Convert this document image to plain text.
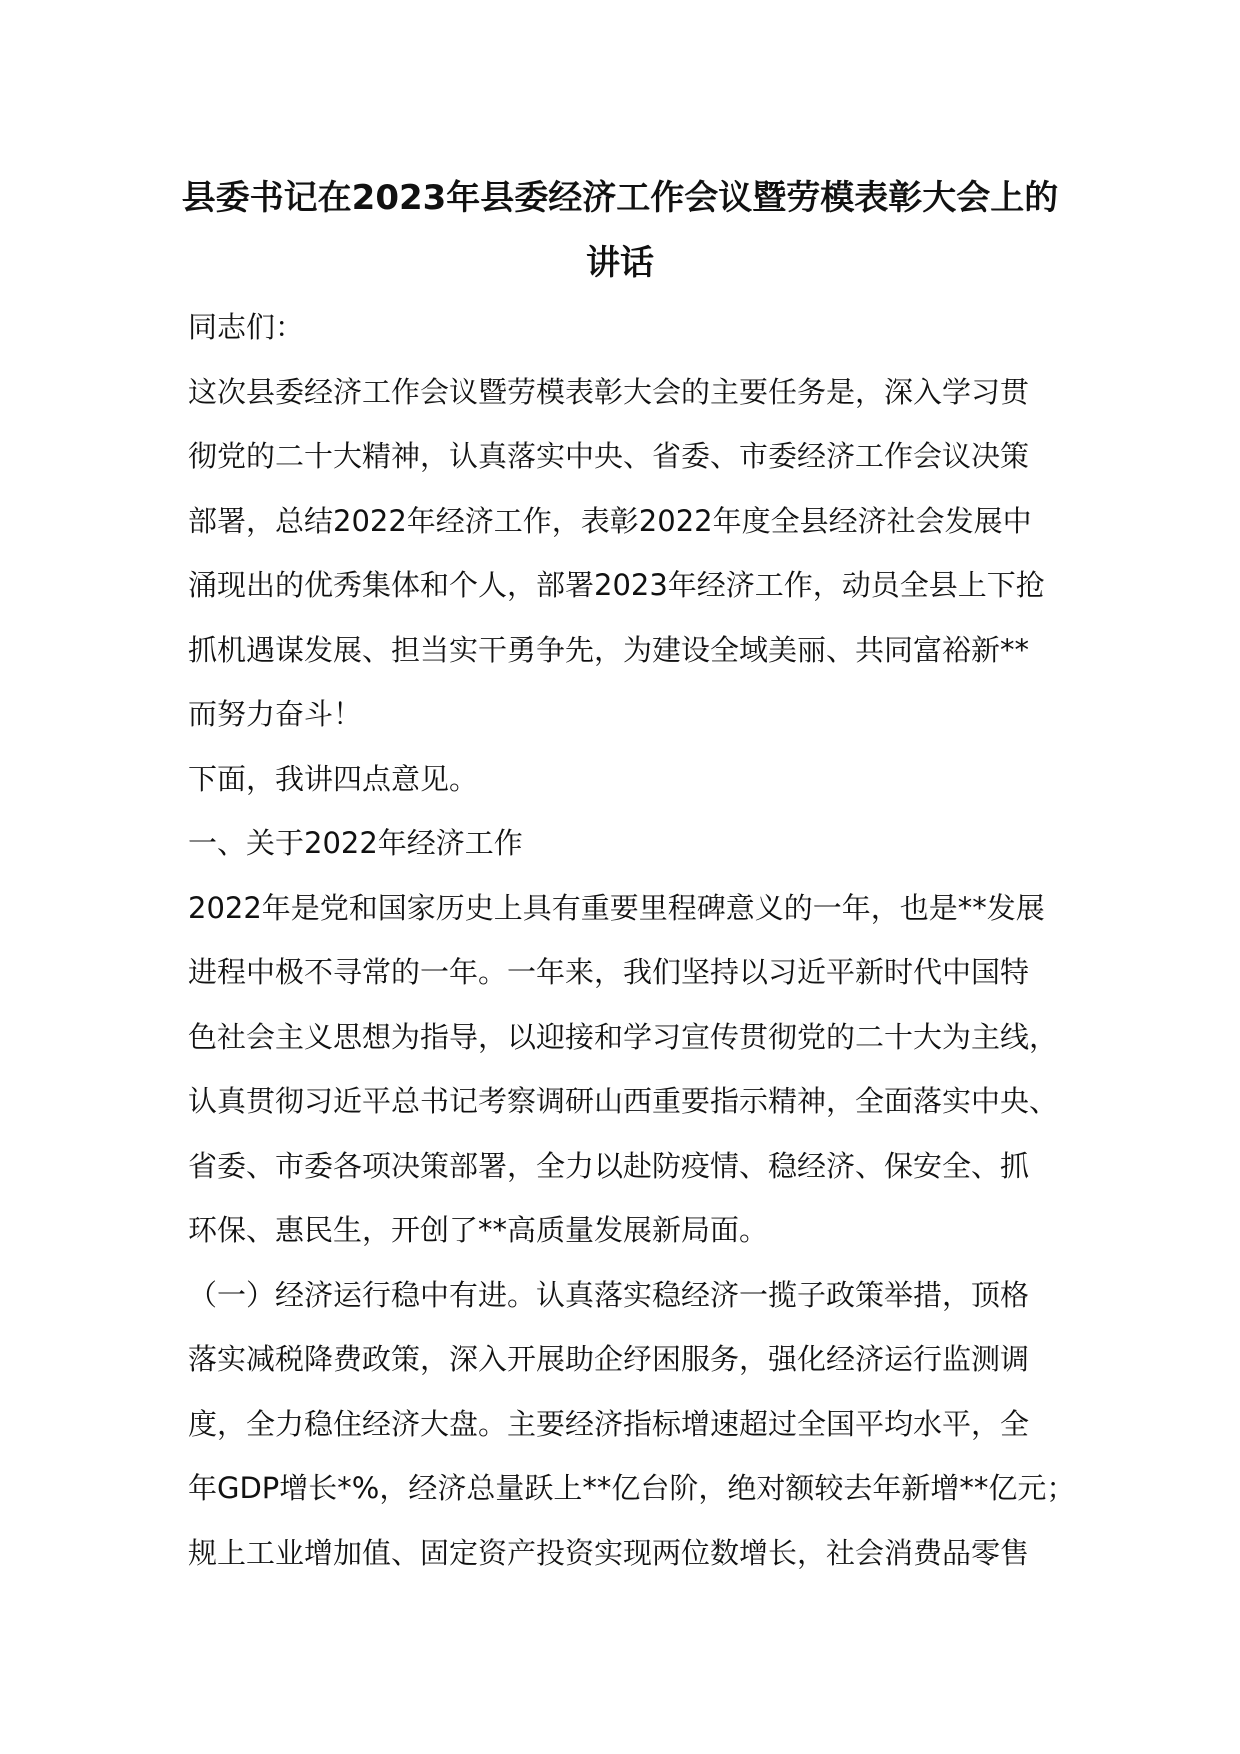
县委书记在2023年县委经济工作会议暨劳模表彰大会上的
讲话

同志们：

这次县委经济工作会议暨劳模表彰大会的主要任务是，深入学习贯

彻党的二十大精神，认真落实中央、省委、市委经济工作会议决策

部署，总结2022年经济工作，表彰2022年度全县经济社会发展中

涌现出的优秀集体和个人，部署2023年经济工作，动员全县上下抢

抓机遇谋发展、担当实干勇争先，为建设全域美丽、共同富裕新**

而努力奋斗！

下面，我讲四点意见。

一、关于2022年经济工作

2022年是党和国家历史上具有重要里程碑意义的一年，也是**发展

进程中极不寻常的一年。一年来，我们坚持以习近平新时代中国特

色社会主义思想为指导，以迎接和学习宣传贯彻党的二十大为主线，

认真贯彻习近平总书记考察调研山西重要指示精神，全面落实中央、

省委、市委各项决策部署，全力以赴防疫情、稳经济、保安全、抓

环保、惠民生，开创了**高质量发展新局面。

（一）经济运行稳中有进。认真落实稳经济一揽子政策举措，顶格

落实减税降费政策，深入开展助企纾困服务，强化经济运行监测调

度，全力稳住经济大盘。主要经济指标增速超过全国平均水平，全

年GDP增长*%，经济总量跃上**亿台阶，绝对额较去年新增**亿元；

规上工业增加值、固定资产投资实现两位数增长，社会消费品零售
